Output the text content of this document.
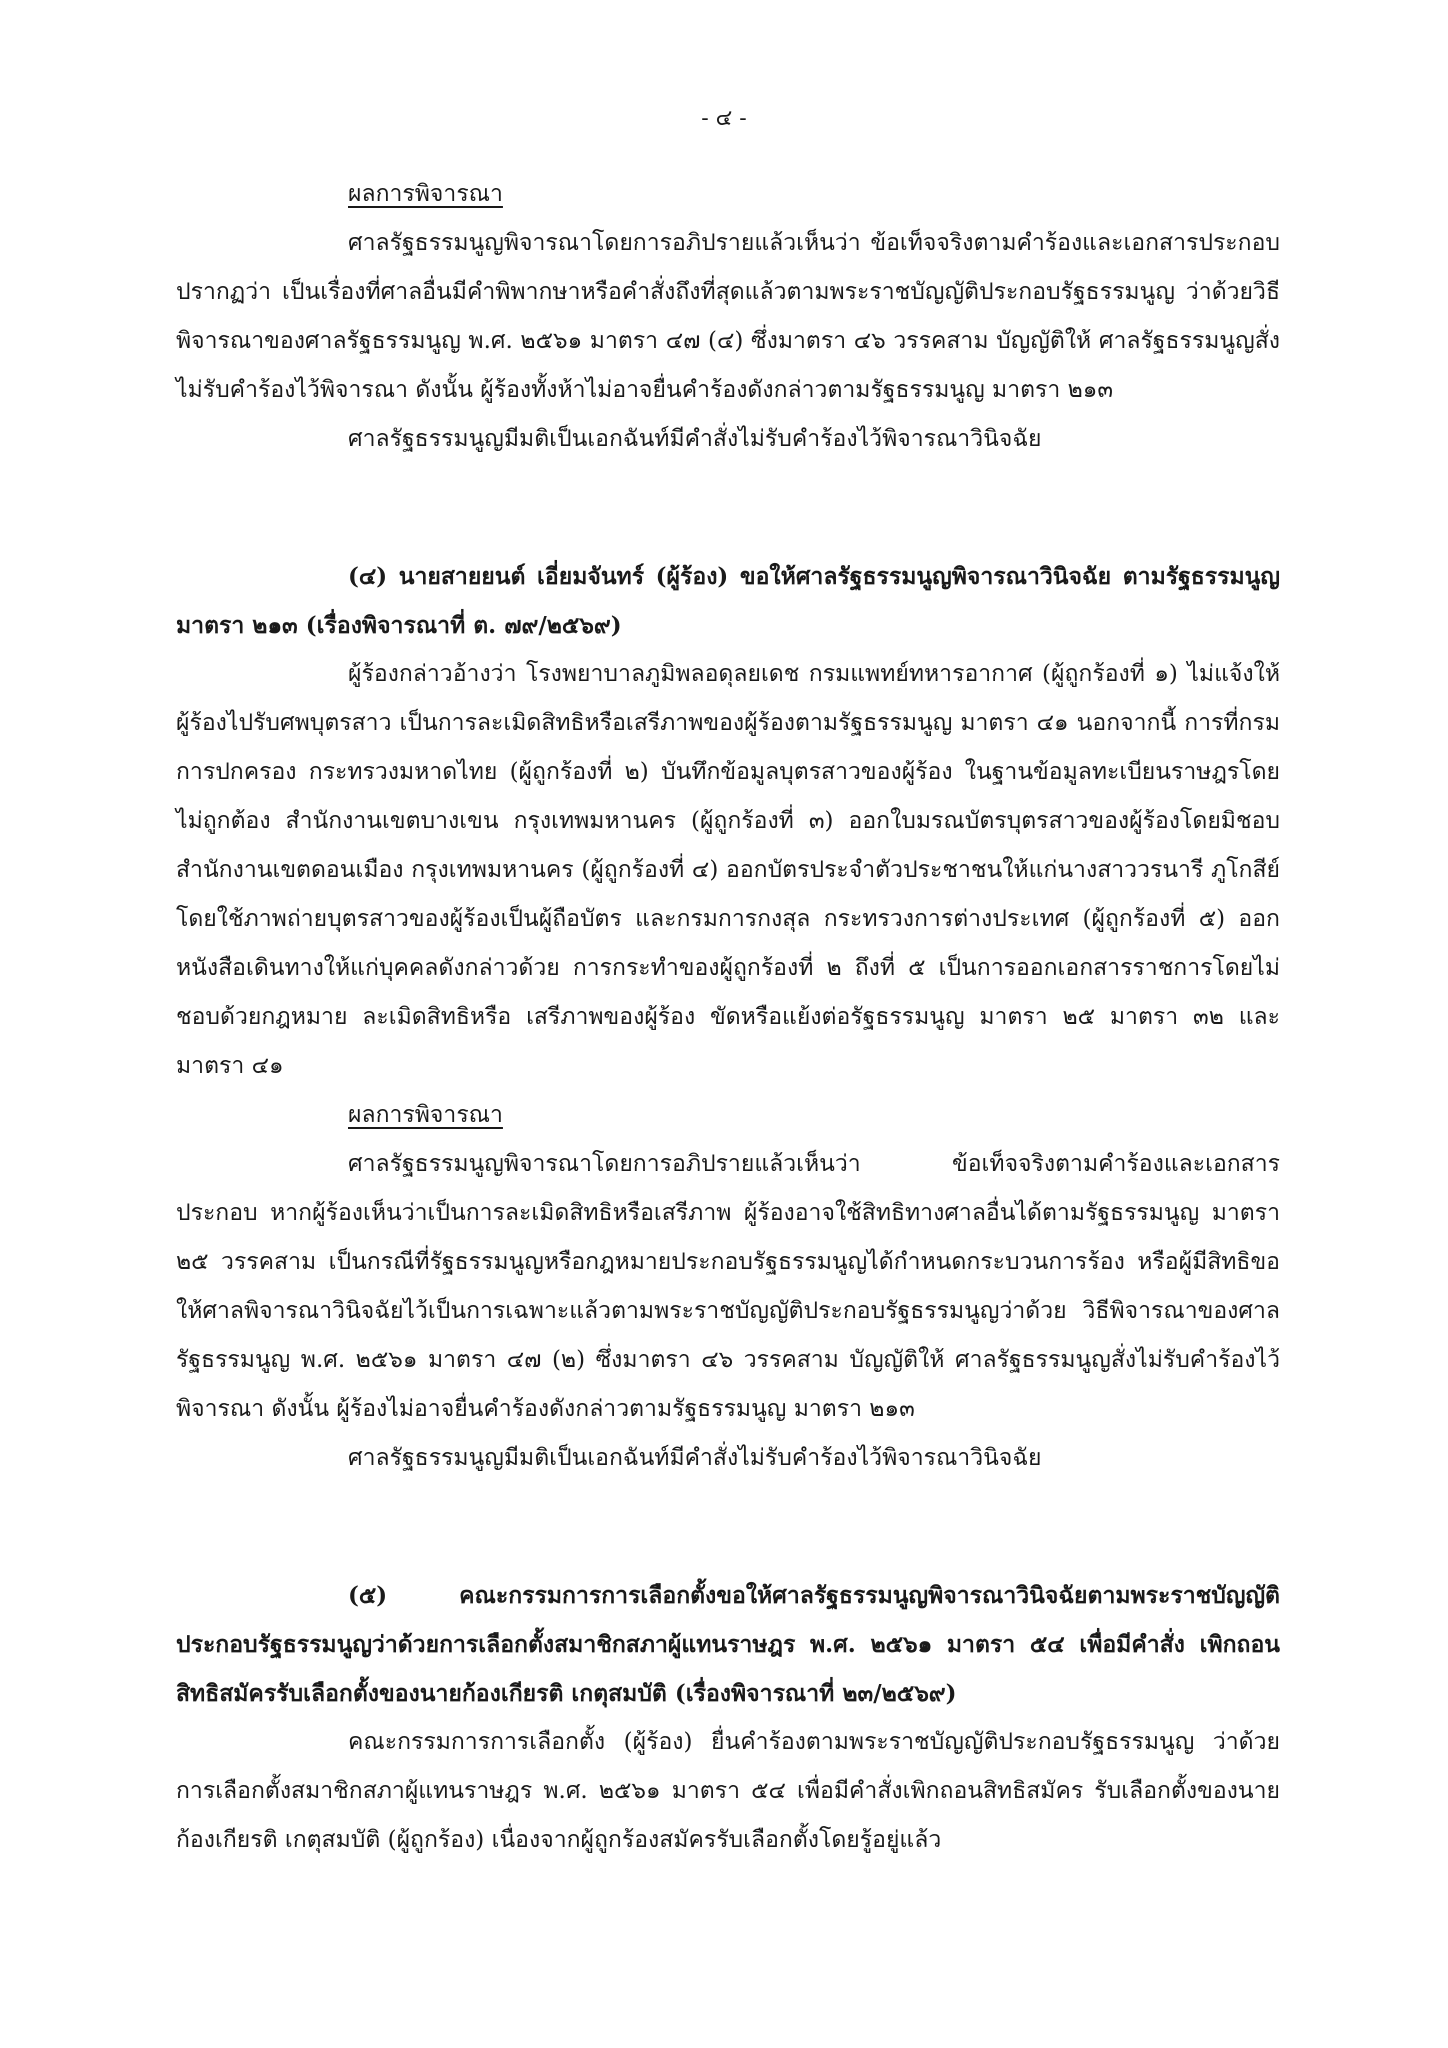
- ๔ -

ผลการพิจารณา

ศาลรัฐธรรมนูญพิจารณาโดยการอภิปรายแล้วเห็นว่า ข้อเท็จจริงตามคำร้องและเอกสารประกอบ ปรากฏว่า เป็นเรื่องที่ศาลอื่นมีคำพิพากษาหรือคำสั่งถึงที่สุดแล้วตามพระราชบัญญัติประกอบรัฐธรรมนูญ ว่าด้วยวิธีพิจารณาของศาลรัฐธรรมนูญ พ.ศ. ๒๕๖๑ มาตรา ๔๗ (๔) ซึ่งมาตรา ๔๖ วรรคสาม บัญญัติให้ ศาลรัฐธรรมนูญสั่งไม่รับคำร้องไว้พิจารณา ดังนั้น ผู้ร้องทั้งห้าไม่อาจยื่นคำร้องดังกล่าวตามรัฐธรรมนูญ มาตรา ๒๑๓

ศาลรัฐธรรมนูญมีมติเป็นเอกฉันท์มีคำสั่งไม่รับคำร้องไว้พิจารณาวินิจฉัย

(๔) นายสายยนต์ เอี่ยมจันทร์ (ผู้ร้อง) ขอให้ศาลรัฐธรรมนูญพิจารณาวินิจฉัย ตามรัฐธรรมนูญ มาตรา ๒๑๓ (เรื่องพิจารณาที่ ต. ๗๙/๒๕๖๙)

ผู้ร้องกล่าวอ้างว่า โรงพยาบาลภูมิพลอดุลยเดช กรมแพทย์ทหารอากาศ (ผู้ถูกร้องที่ ๑) ไม่แจ้งให้ผู้ร้องไปรับศพบุตรสาว เป็นการละเมิดสิทธิหรือเสรีภาพของผู้ร้องตามรัฐธรรมนูญ มาตรา ๔๑ นอกจากนี้ การที่กรมการปกครอง กระทรวงมหาดไทย (ผู้ถูกร้องที่ ๒) บันทึกข้อมูลบุตรสาวของผู้ร้อง ในฐานข้อมูลทะเบียนราษฎรโดยไม่ถูกต้อง สำนักงานเขตบางเขน กรุงเทพมหานคร (ผู้ถูกร้องที่ ๓) ออกใบมรณบัตรบุตรสาวของผู้ร้องโดยมิชอบ สำนักงานเขตดอนเมือง กรุงเทพมหานคร (ผู้ถูกร้องที่ ๔) ออกบัตรประจำตัวประชาชนให้แก่นางสาววรนารี ภูโกสีย์ โดยใช้ภาพถ่ายบุตรสาวของผู้ร้องเป็นผู้ถือบัตร และกรมการกงสุล กระทรวงการต่างประเทศ (ผู้ถูกร้องที่ ๕) ออกหนังสือเดินทางให้แก่บุคคลดังกล่าวด้วย การกระทำของผู้ถูกร้องที่ ๒ ถึงที่ ๕ เป็นการออกเอกสารราชการโดยไม่ชอบด้วยกฎหมาย ละเมิดสิทธิหรือ เสรีภาพของผู้ร้อง ขัดหรือแย้งต่อรัฐธรรมนูญ มาตรา ๒๕ มาตรา ๓๒ และมาตรา ๔๑

ผลการพิจารณา

ศาลรัฐธรรมนูญพิจารณาโดยการอภิปรายแล้วเห็นว่า ข้อเท็จจริงตามคำร้องและเอกสาร ประกอบ หากผู้ร้องเห็นว่าเป็นการละเมิดสิทธิหรือเสรีภาพ ผู้ร้องอาจใช้สิทธิทางศาลอื่นได้ตามรัฐธรรมนูญ มาตรา ๒๕ วรรคสาม เป็นกรณีที่รัฐธรรมนูญหรือกฎหมายประกอบรัฐธรรมนูญได้กำหนดกระบวนการร้อง หรือผู้มีสิทธิขอให้ศาลพิจารณาวินิจฉัยไว้เป็นการเฉพาะแล้วตามพระราชบัญญัติประกอบรัฐธรรมนูญว่าด้วย วิธีพิจารณาของศาลรัฐธรรมนูญ พ.ศ. ๒๕๖๑ มาตรา ๔๗ (๒) ซึ่งมาตรา ๔๖ วรรคสาม บัญญัติให้ ศาลรัฐธรรมนูญสั่งไม่รับคำร้องไว้พิจารณา ดังนั้น ผู้ร้องไม่อาจยื่นคำร้องดังกล่าวตามรัฐธรรมนูญ มาตรา ๒๑๓

ศาลรัฐธรรมนูญมีมติเป็นเอกฉันท์มีคำสั่งไม่รับคำร้องไว้พิจารณาวินิจฉัย

(๕) คณะกรรมการการเลือกตั้งขอให้ศาลรัฐธรรมนูญพิจารณาวินิจฉัยตามพระราชบัญญัติ ประกอบรัฐธรรมนูญว่าด้วยการเลือกตั้งสมาชิกสภาผู้แทนราษฎร พ.ศ. ๒๕๖๑ มาตรา ๕๔ เพื่อมีคำสั่ง เพิกถอนสิทธิสมัครรับเลือกตั้งของนายก้องเกียรติ เกตุสมบัติ (เรื่องพิจารณาที่ ๒๓/๒๕๖๙)

คณะกรรมการการเลือกตั้ง (ผู้ร้อง) ยื่นคำร้องตามพระราชบัญญัติประกอบรัฐธรรมนูญ ว่าด้วยการเลือกตั้งสมาชิกสภาผู้แทนราษฎร พ.ศ. ๒๕๖๑ มาตรา ๕๔ เพื่อมีคำสั่งเพิกถอนสิทธิสมัคร รับเลือกตั้งของนายก้องเกียรติ เกตุสมบัติ (ผู้ถูกร้อง) เนื่องจากผู้ถูกร้องสมัครรับเลือกตั้งโดยรู้อยู่แล้ว
